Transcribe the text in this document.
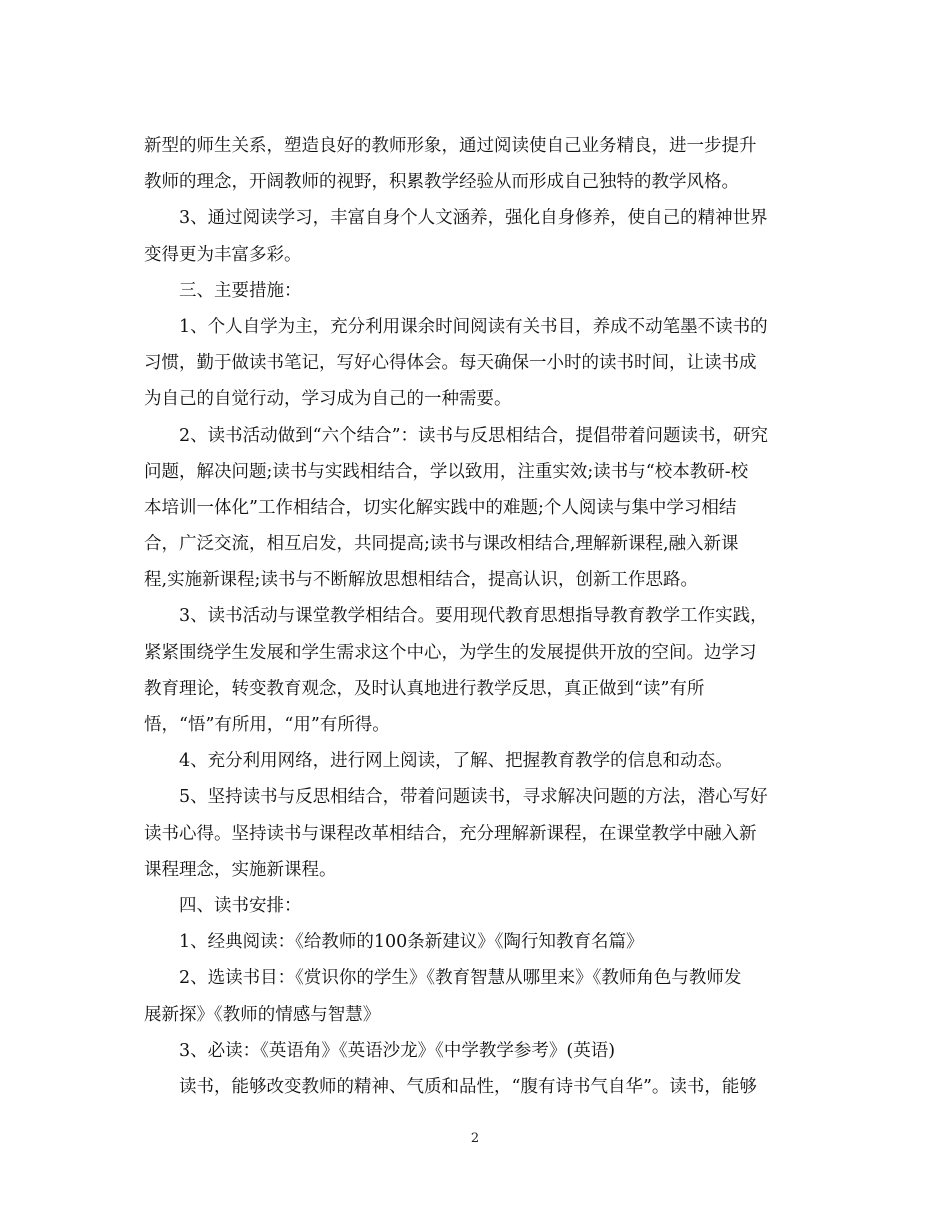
新型的师生关系，塑造良好的教师形象，通过阅读使自己业务精良，进一步提升
教师的理念，开阔教师的视野，积累教学经验从而形成自己独特的教学风格。
3、通过阅读学习，丰富自身个人文涵养，强化自身修养，使自己的精神世界
变得更为丰富多彩。
三、主要措施：
1、个人自学为主，充分利用课余时间阅读有关书目，养成不动笔墨不读书的
习惯，勤于做读书笔记，写好心得体会。每天确保一小时的读书时间，让读书成
为自己的自觉行动，学习成为自己的一种需要。
2、读书活动做到“六个结合”：读书与反思相结合，提倡带着问题读书，研究
问题，解决问题;读书与实践相结合，学以致用，注重实效;读书与“校本教研-校
本培训一体化”工作相结合，切实化解实践中的难题;个人阅读与集中学习相结
合，广泛交流，相互启发，共同提高;读书与课改相结合,理解新课程,融入新课
程,实施新课程;读书与不断解放思想相结合，提高认识，创新工作思路。
3、读书活动与课堂教学相结合。要用现代教育思想指导教育教学工作实践，
紧紧围绕学生发展和学生需求这个中心，为学生的发展提供开放的空间。边学习
教育理论，转变教育观念，及时认真地进行教学反思，真正做到“读”有所
悟，“悟”有所用，“用”有所得。
4、充分利用网络，进行网上阅读，了解、把握教育教学的信息和动态。
5、坚持读书与反思相结合，带着问题读书，寻求解决问题的方法，潜心写好
读书心得。坚持读书与课程改革相结合，充分理解新课程，在课堂教学中融入新
课程理念，实施新课程。
四、读书安排：
1、经典阅读：《给教师的100条新建议》《陶行知教育名篇》
2、选读书目：《赏识你的学生》《教育智慧从哪里来》《教师角色与教师发
展新探》《教师的情感与智慧》
3、必读：《英语角》《英语沙龙》《中学教学参考》(英语)
读书，能够改变教师的精神、气质和品性，“腹有诗书气自华”。读书，能够
2
